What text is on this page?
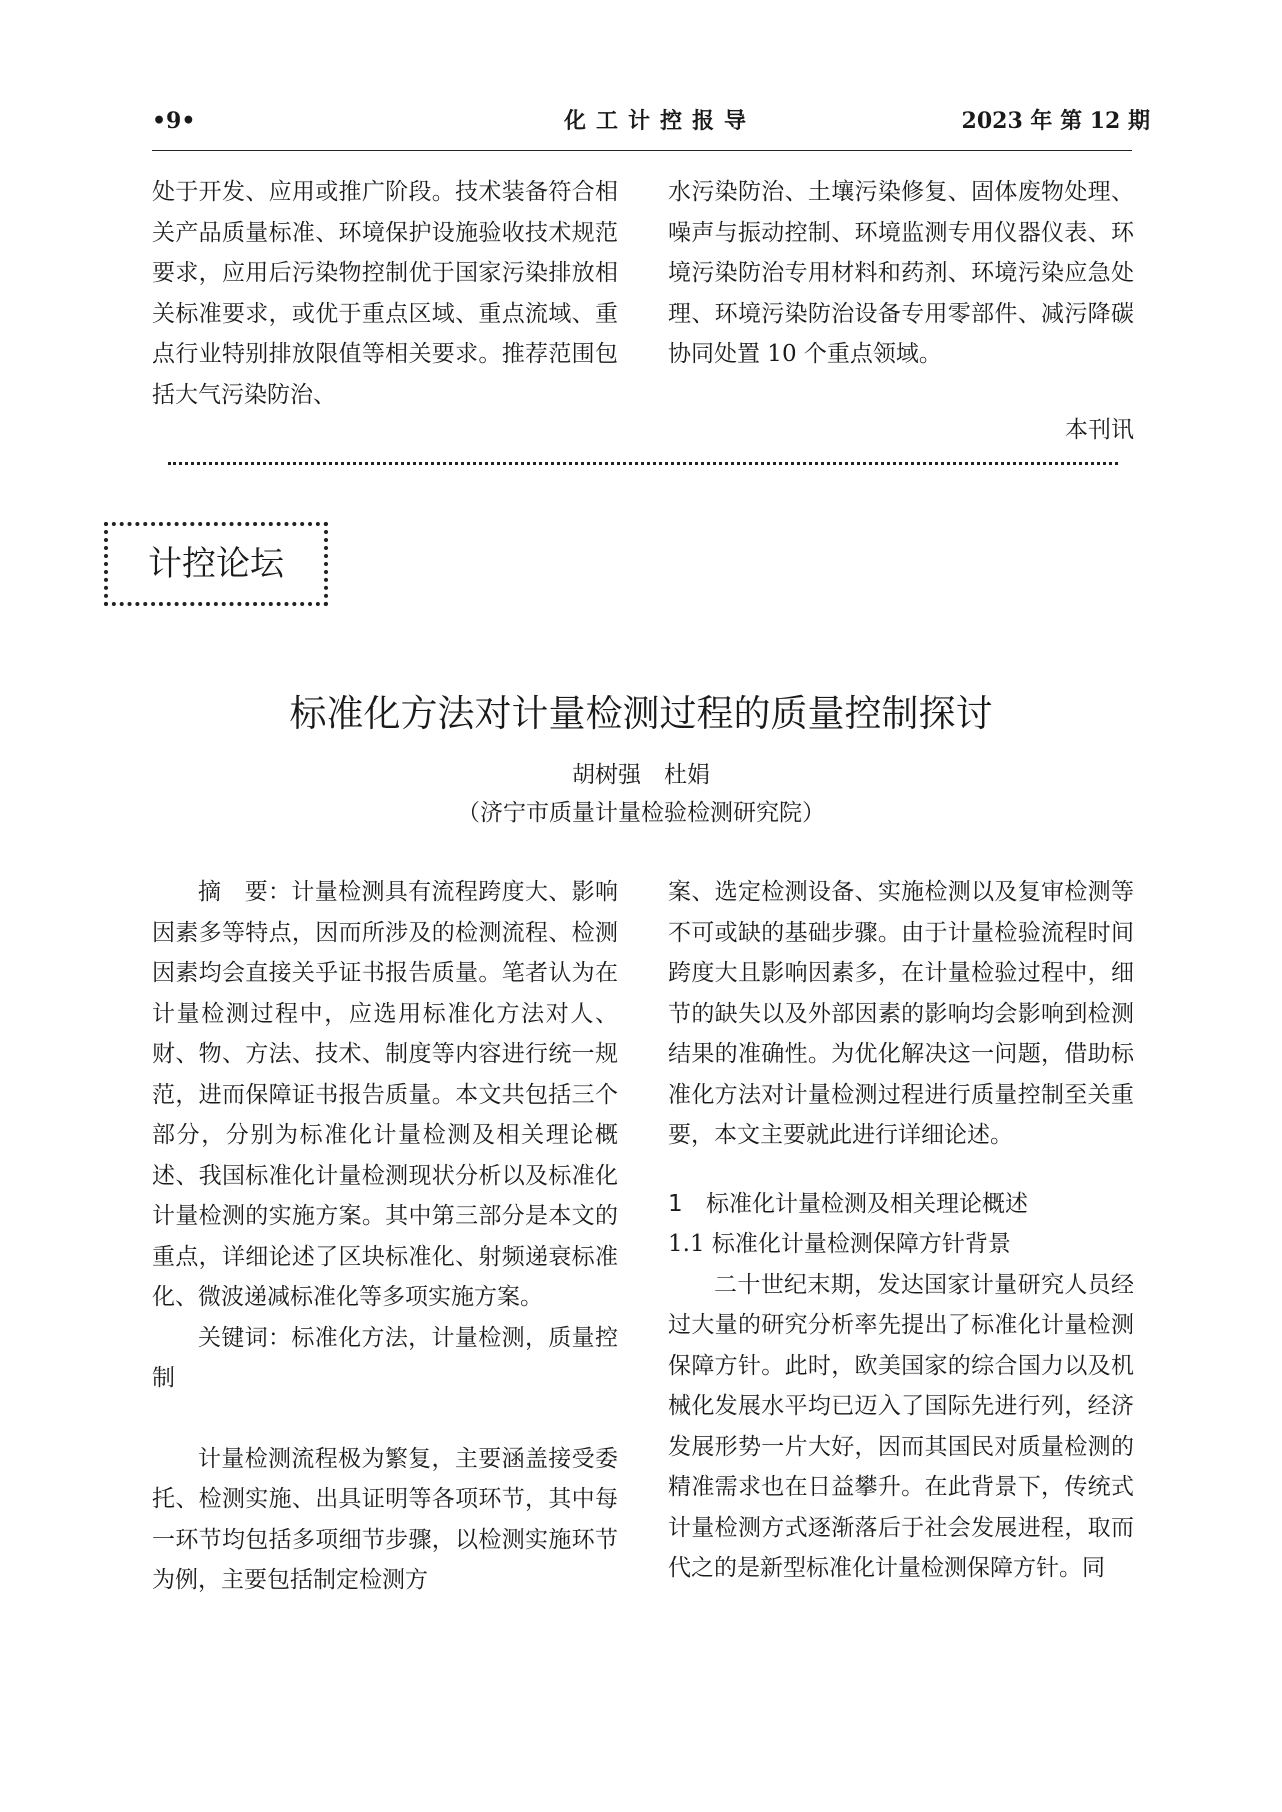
•9•	化工计控报导	2023 年 第 12 期

处于开发、应用或推广阶段。技术装备符合相关产品质量标准、环境保护设施验收技术规范要求，应用后污染物控制优于国家污染排放相关标准要求，或优于重点区域、重点流域、重点行业特别排放限值等相关要求。推荐范围包括大气污染防治、

水污染防治、土壤污染修复、固体废物处理、噪声与振动控制、环境监测专用仪器仪表、环境污染防治专用材料和药剂、环境污染应急处理、环境污染防治设备专用零部件、减污降碳协同处置 10 个重点领域。

本刊讯
计控论坛
标准化方法对计量检测过程的质量控制探讨
胡树强　杜娟
（济宁市质量计量检验检测研究院）

摘　要：计量检测具有流程跨度大、影响因素多等特点，因而所涉及的检测流程、检测因素均会直接关乎证书报告质量。笔者认为在计量检测过程中，应选用标准化方法对人、财、物、方法、技术、制度等内容进行统一规范，进而保障证书报告质量。本文共包括三个部分，分别为标准化计量检测及相关理论概述、我国标准化计量检测现状分析以及标准化计量检测的实施方案。其中第三部分是本文的重点，详细论述了区块标准化、射频递衰标准化、微波递减标准化等多项实施方案。

关键词：标准化方法，计量检测，质量控制

计量检测流程极为繁复，主要涵盖接受委托、检测实施、出具证明等各项环节，其中每一环节均包括多项细节步骤，以检测实施环节为例，主要包括制定检测方

案、选定检测设备、实施检测以及复审检测等不可或缺的基础步骤。由于计量检验流程时间跨度大且影响因素多，在计量检验过程中，细节的缺失以及外部因素的影响均会影响到检测结果的准确性。为优化解决这一问题，借助标准化方法对计量检测过程进行质量控制至关重要，本文主要就此进行详细论述。

1 标准化计量检测及相关理论概述

1.1 标准化计量检测保障方针背景

二十世纪末期，发达国家计量研究人员经过大量的研究分析率先提出了标准化计量检测保障方针。此时，欧美国家的综合国力以及机械化发展水平均已迈入了国际先进行列，经济发展形势一片大好，因而其国民对质量检测的精准需求也在日益攀升。在此背景下，传统式计量检测方式逐渐落后于社会发展进程，取而代之的是新型标准化计量检测保障方针。同
